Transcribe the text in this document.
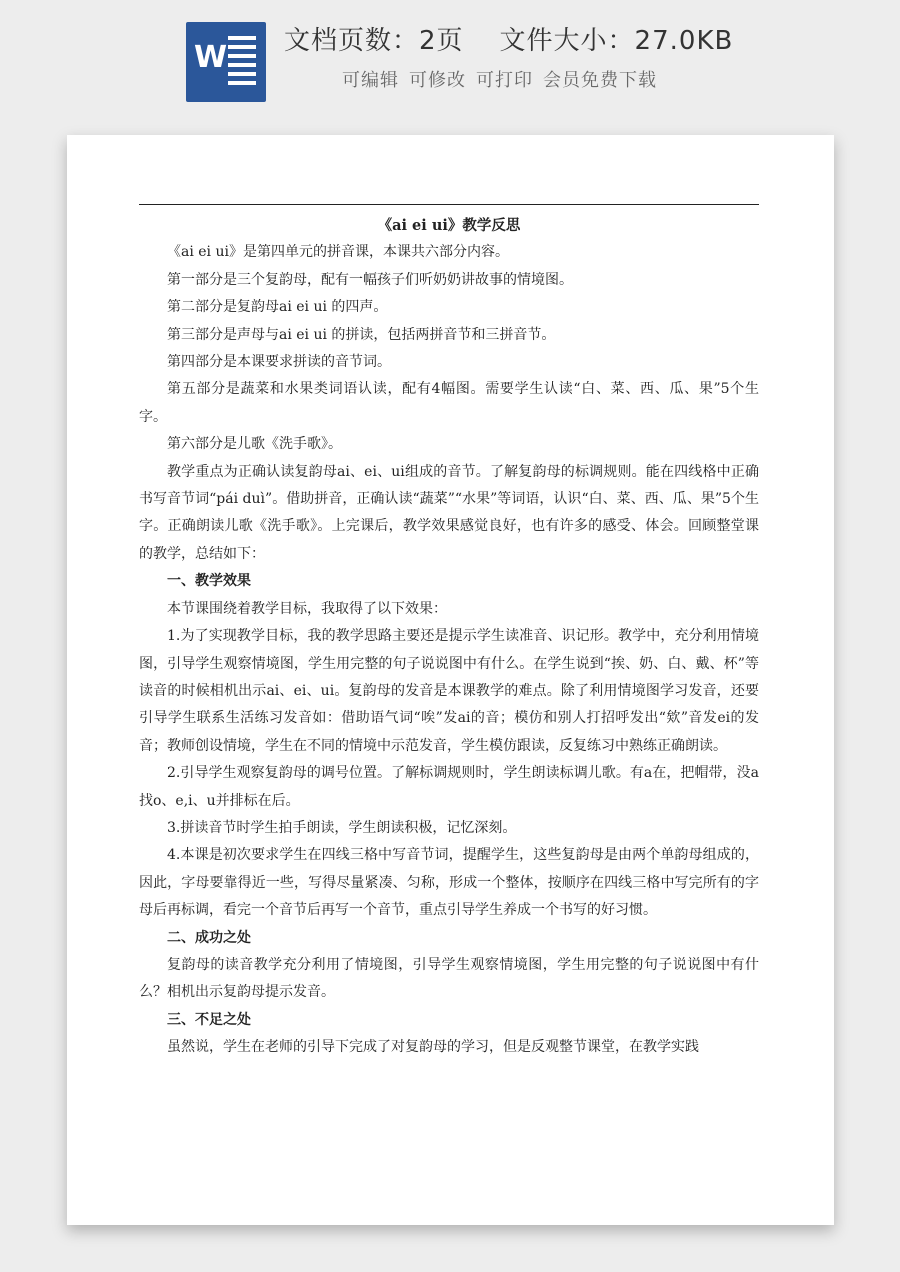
W 文档页数：2页 文件大小：27.0KB
可编辑 可修改 可打印 会员免费下载
《ai ei ui》教学反思

《ai ei ui》是第四单元的拼音课，本课共六部分内容。

第一部分是三个复韵母，配有一幅孩子们听奶奶讲故事的情境图。

第二部分是复韵母ai ei ui 的四声。

第三部分是声母与ai ei ui 的拼读，包括两拼音节和三拼音节。

第四部分是本课要求拼读的音节词。

第五部分是蔬菜和水果类词语认读，配有4幅图。需要学生认读“白、菜、西、瓜、果”5个生字。

第六部分是儿歌《洗手歌》。

教学重点为正确认读复韵母ai、ei、ui组成的音节。了解复韵母的标调规则。能在四线格中正确书写音节词“pái duì”。借助拼音，正确认读“蔬菜”“水果”等词语，认识“白、菜、西、瓜、果”5个生字。正确朗读儿歌《洗手歌》。上完课后，教学效果感觉良好，也有许多的感受、体会。回顾整堂课的教学，总结如下：

一、教学效果

本节课围绕着教学目标，我取得了以下效果：

1.为了实现教学目标，我的教学思路主要还是提示学生读准音、识记形。教学中，充分利用情境图，引导学生观察情境图，学生用完整的句子说说图中有什么。在学生说到“挨、奶、白、戴、杯”等读音的时候相机出示ai、ei、ui。复韵母的发音是本课教学的难点。除了利用情境图学习发音，还要引导学生联系生活练习发音如：借助语气词“唉”发ai的音；模仿和别人打招呼发出“欸”音发ei的发音；教师创设情境，学生在不同的情境中示范发音，学生模仿跟读，反复练习中熟练正确朗读。

2.引导学生观察复韵母的调号位置。了解标调规则时，学生朗读标调儿歌。有a在，把帽带，没a找o、e,i、u并排标在后。

3.拼读音节时学生拍手朗读，学生朗读积极，记忆深刻。

4.本课是初次要求学生在四线三格中写音节词，提醒学生，这些复韵母是由两个单韵母组成的，因此，字母要靠得近一些，写得尽量紧凑、匀称，形成一个整体，按顺序在四线三格中写完所有的字母后再标调，看完一个音节后再写一个音节，重点引导学生养成一个书写的好习惯。

二、成功之处

复韵母的读音教学充分利用了情境图，引导学生观察情境图，学生用完整的句子说说图中有什么？相机出示复韵母提示发音。

三、不足之处

虽然说，学生在老师的引导下完成了对复韵母的学习，但是反观整节课堂，在教学实践
